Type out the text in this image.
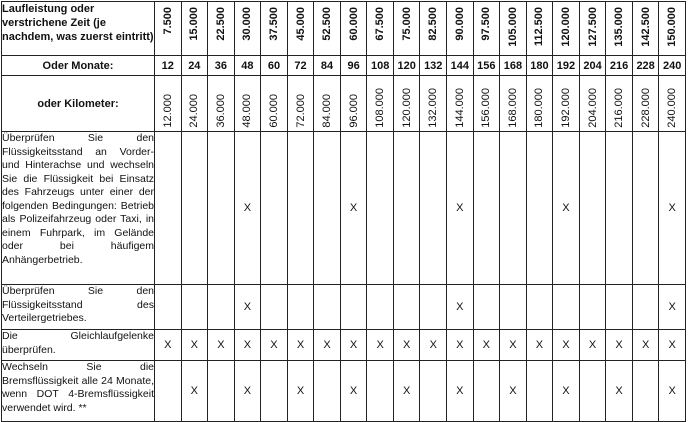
Laufleistung oder verstrichene Zeit (je nachdem, was zuerst eintritt)	7.500	15.000	22.500	30.000	37.500	45.000	52.500	60.000	67.500	75.000	82.500	90.000	97.500	105.000	112.500	120.000	127.500	135.000	142.500	150.000

Oder Monate:	12	24	36	48	60	72	84	96	108	120	132	144	156	168	180	192	204	216	228	240
oder Kilometer:	12.000	24.000	36.000	48.000	60.000	72.000	84.000	96.000	108.000	120.000	132.000	144.000	156.000	168.000	180.000	192.000	204.000	216.000	228.000	240.000

Überprüfen Sie den Flüssigkeitsstand an Vorder- und Hinterachse und wechseln Sie die Flüssigkeit bei Einsatz des Fahrzeugs unter einer der folgenden Bedingungen: Betrieb als Polizeifahrzeug oder Taxi, in einem Fuhrpark, im Gelände oder bei häufigem Anhängerbetrieb.				X				X				X				X				X
Überprüfen Sie den Flüssigkeitsstand des Verteilergetriebes.				X								X								X
Die Gleichlaufgelenke überprüfen.	X	X	X	X	X	X	X	X	X	X	X	X	X	X	X	X	X	X	X	X
Wechseln Sie die Bremsflüssigkeit alle 24 Monate, wenn DOT 4-Bremsflüssigkeit verwendet wird. **		X		X		X		X		X		X		X		X		X		X
